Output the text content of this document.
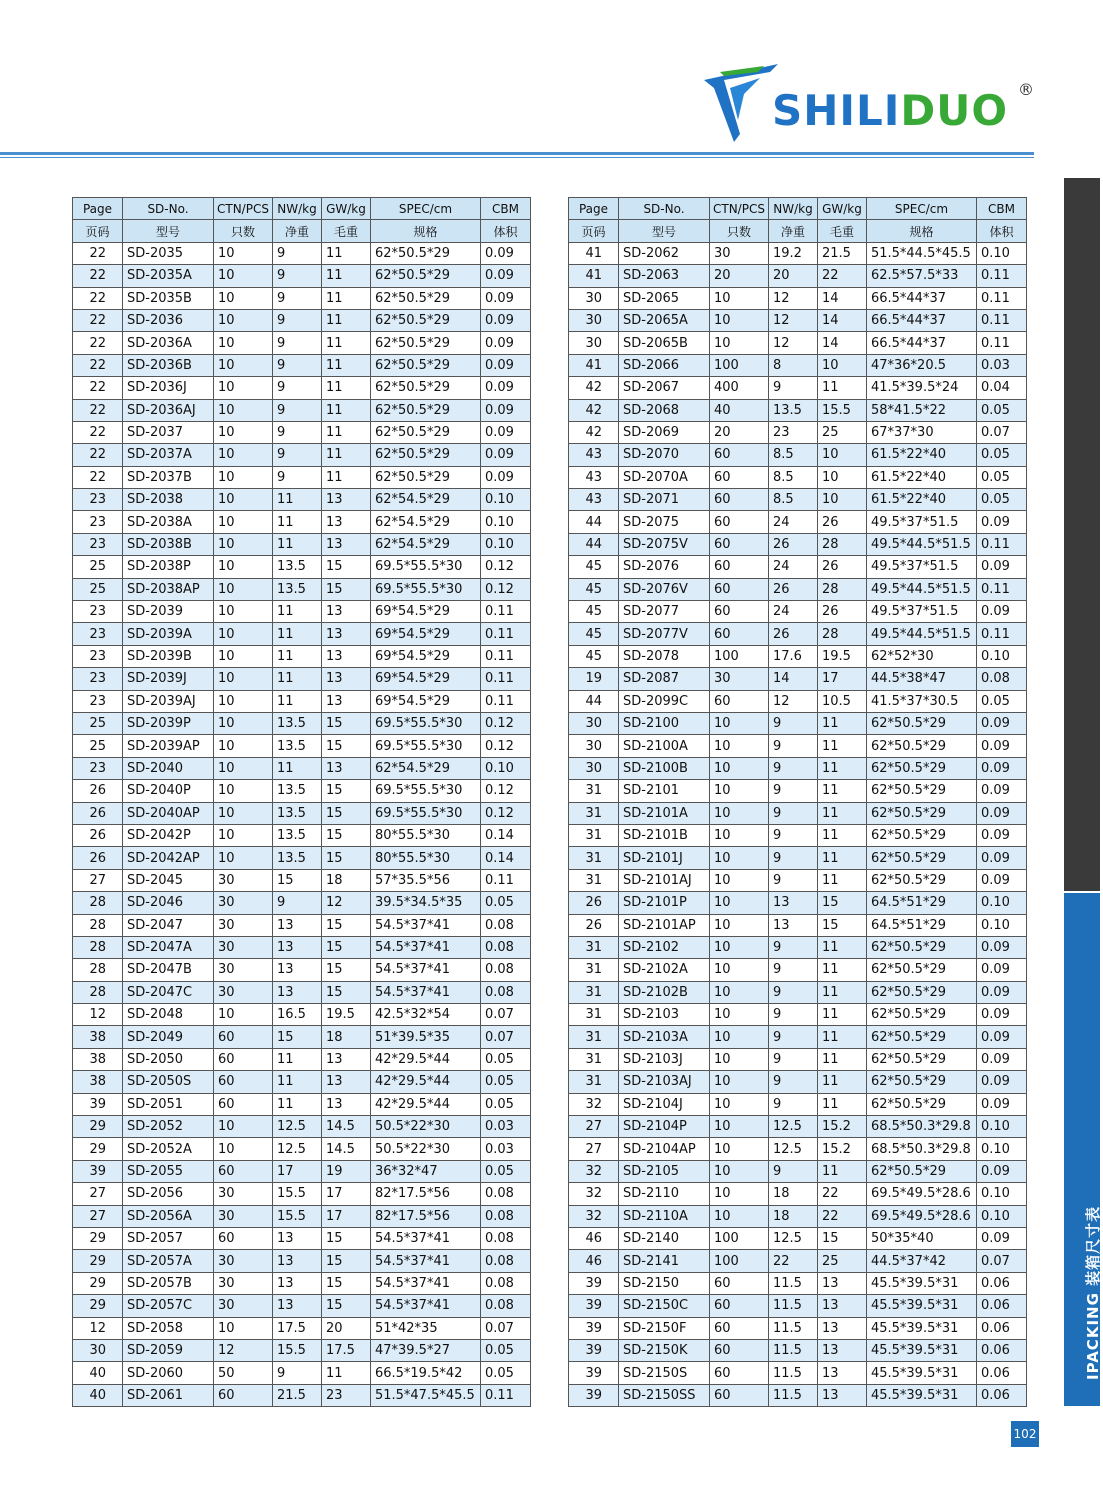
SHILIDUO ®
Page	SD-No.	CTN/PCS	NW/kg	GW/kg	SPEC/cm	CBM
页码	型号	只数	净重	毛重	规格	体积
22	SD-2035	10	9	11	62*50.5*29	0.09
22	SD-2035A	10	9	11	62*50.5*29	0.09
22	SD-2035B	10	9	11	62*50.5*29	0.09
22	SD-2036	10	9	11	62*50.5*29	0.09
22	SD-2036A	10	9	11	62*50.5*29	0.09
22	SD-2036B	10	9	11	62*50.5*29	0.09
22	SD-2036J	10	9	11	62*50.5*29	0.09
22	SD-2036AJ	10	9	11	62*50.5*29	0.09
22	SD-2037	10	9	11	62*50.5*29	0.09
22	SD-2037A	10	9	11	62*50.5*29	0.09
22	SD-2037B	10	9	11	62*50.5*29	0.09
23	SD-2038	10	11	13	62*54.5*29	0.10
23	SD-2038A	10	11	13	62*54.5*29	0.10
23	SD-2038B	10	11	13	62*54.5*29	0.10
25	SD-2038P	10	13.5	15	69.5*55.5*30	0.12
25	SD-2038AP	10	13.5	15	69.5*55.5*30	0.12
23	SD-2039	10	11	13	69*54.5*29	0.11
23	SD-2039A	10	11	13	69*54.5*29	0.11
23	SD-2039B	10	11	13	69*54.5*29	0.11
23	SD-2039J	10	11	13	69*54.5*29	0.11
23	SD-2039AJ	10	11	13	69*54.5*29	0.11
25	SD-2039P	10	13.5	15	69.5*55.5*30	0.12
25	SD-2039AP	10	13.5	15	69.5*55.5*30	0.12
23	SD-2040	10	11	13	62*54.5*29	0.10
26	SD-2040P	10	13.5	15	69.5*55.5*30	0.12
26	SD-2040AP	10	13.5	15	69.5*55.5*30	0.12
26	SD-2042P	10	13.5	15	80*55.5*30	0.14
26	SD-2042AP	10	13.5	15	80*55.5*30	0.14
27	SD-2045	30	15	18	57*35.5*56	0.11
28	SD-2046	30	9	12	39.5*34.5*35	0.05
28	SD-2047	30	13	15	54.5*37*41	0.08
28	SD-2047A	30	13	15	54.5*37*41	0.08
28	SD-2047B	30	13	15	54.5*37*41	0.08
28	SD-2047C	30	13	15	54.5*37*41	0.08
12	SD-2048	10	16.5	19.5	42.5*32*54	0.07
38	SD-2049	60	15	18	51*39.5*35	0.07
38	SD-2050	60	11	13	42*29.5*44	0.05
38	SD-2050S	60	11	13	42*29.5*44	0.05
39	SD-2051	60	11	13	42*29.5*44	0.05
29	SD-2052	10	12.5	14.5	50.5*22*30	0.03
29	SD-2052A	10	12.5	14.5	50.5*22*30	0.03
39	SD-2055	60	17	19	36*32*47	0.05
27	SD-2056	30	15.5	17	82*17.5*56	0.08
27	SD-2056A	30	15.5	17	82*17.5*56	0.08
29	SD-2057	60	13	15	54.5*37*41	0.08
29	SD-2057A	30	13	15	54.5*37*41	0.08
29	SD-2057B	30	13	15	54.5*37*41	0.08
29	SD-2057C	30	13	15	54.5*37*41	0.08
12	SD-2058	10	17.5	20	51*42*35	0.07
30	SD-2059	12	15.5	17.5	47*39.5*27	0.05
40	SD-2060	50	9	11	66.5*19.5*42	0.05
40	SD-2061	60	21.5	23	51.5*47.5*45.5	0.11
Page	SD-No.	CTN/PCS	NW/kg	GW/kg	SPEC/cm	CBM
页码	型号	只数	净重	毛重	规格	体积
41	SD-2062	30	19.2	21.5	51.5*44.5*45.5	0.10
41	SD-2063	20	20	22	62.5*57.5*33	0.11
30	SD-2065	10	12	14	66.5*44*37	0.11
30	SD-2065A	10	12	14	66.5*44*37	0.11
30	SD-2065B	10	12	14	66.5*44*37	0.11
41	SD-2066	100	8	10	47*36*20.5	0.03
42	SD-2067	400	9	11	41.5*39.5*24	0.04
42	SD-2068	40	13.5	15.5	58*41.5*22	0.05
42	SD-2069	20	23	25	67*37*30	0.07
43	SD-2070	60	8.5	10	61.5*22*40	0.05
43	SD-2070A	60	8.5	10	61.5*22*40	0.05
43	SD-2071	60	8.5	10	61.5*22*40	0.05
44	SD-2075	60	24	26	49.5*37*51.5	0.09
44	SD-2075V	60	26	28	49.5*44.5*51.5	0.11
45	SD-2076	60	24	26	49.5*37*51.5	0.09
45	SD-2076V	60	26	28	49.5*44.5*51.5	0.11
45	SD-2077	60	24	26	49.5*37*51.5	0.09
45	SD-2077V	60	26	28	49.5*44.5*51.5	0.11
45	SD-2078	100	17.6	19.5	62*52*30	0.10
19	SD-2087	30	14	17	44.5*38*47	0.08
44	SD-2099C	60	12	10.5	41.5*37*30.5	0.05
30	SD-2100	10	9	11	62*50.5*29	0.09
30	SD-2100A	10	9	11	62*50.5*29	0.09
30	SD-2100B	10	9	11	62*50.5*29	0.09
31	SD-2101	10	9	11	62*50.5*29	0.09
31	SD-2101A	10	9	11	62*50.5*29	0.09
31	SD-2101B	10	9	11	62*50.5*29	0.09
31	SD-2101J	10	9	11	62*50.5*29	0.09
31	SD-2101AJ	10	9	11	62*50.5*29	0.09
26	SD-2101P	10	13	15	64.5*51*29	0.10
26	SD-2101AP	10	13	15	64.5*51*29	0.10
31	SD-2102	10	9	11	62*50.5*29	0.09
31	SD-2102A	10	9	11	62*50.5*29	0.09
31	SD-2102B	10	9	11	62*50.5*29	0.09
31	SD-2103	10	9	11	62*50.5*29	0.09
31	SD-2103A	10	9	11	62*50.5*29	0.09
31	SD-2103J	10	9	11	62*50.5*29	0.09
31	SD-2103AJ	10	9	11	62*50.5*29	0.09
32	SD-2104J	10	9	11	62*50.5*29	0.09
27	SD-2104P	10	12.5	15.2	68.5*50.3*29.8	0.10
27	SD-2104AP	10	12.5	15.2	68.5*50.3*29.8	0.10
32	SD-2105	10	9	11	62*50.5*29	0.09
32	SD-2110	10	18	22	69.5*49.5*28.6	0.10
32	SD-2110A	10	18	22	69.5*49.5*28.6	0.10
46	SD-2140	100	12.5	15	50*35*40	0.09
46	SD-2141	100	22	25	44.5*37*42	0.07
39	SD-2150	60	11.5	13	45.5*39.5*31	0.06
39	SD-2150C	60	11.5	13	45.5*39.5*31	0.06
39	SD-2150F	60	11.5	13	45.5*39.5*31	0.06
39	SD-2150K	60	11.5	13	45.5*39.5*31	0.06
39	SD-2150S	60	11.5	13	45.5*39.5*31	0.06
39	SD-2150SS	60	11.5	13	45.5*39.5*31	0.06
IPACKING 装箱尺寸表
102
